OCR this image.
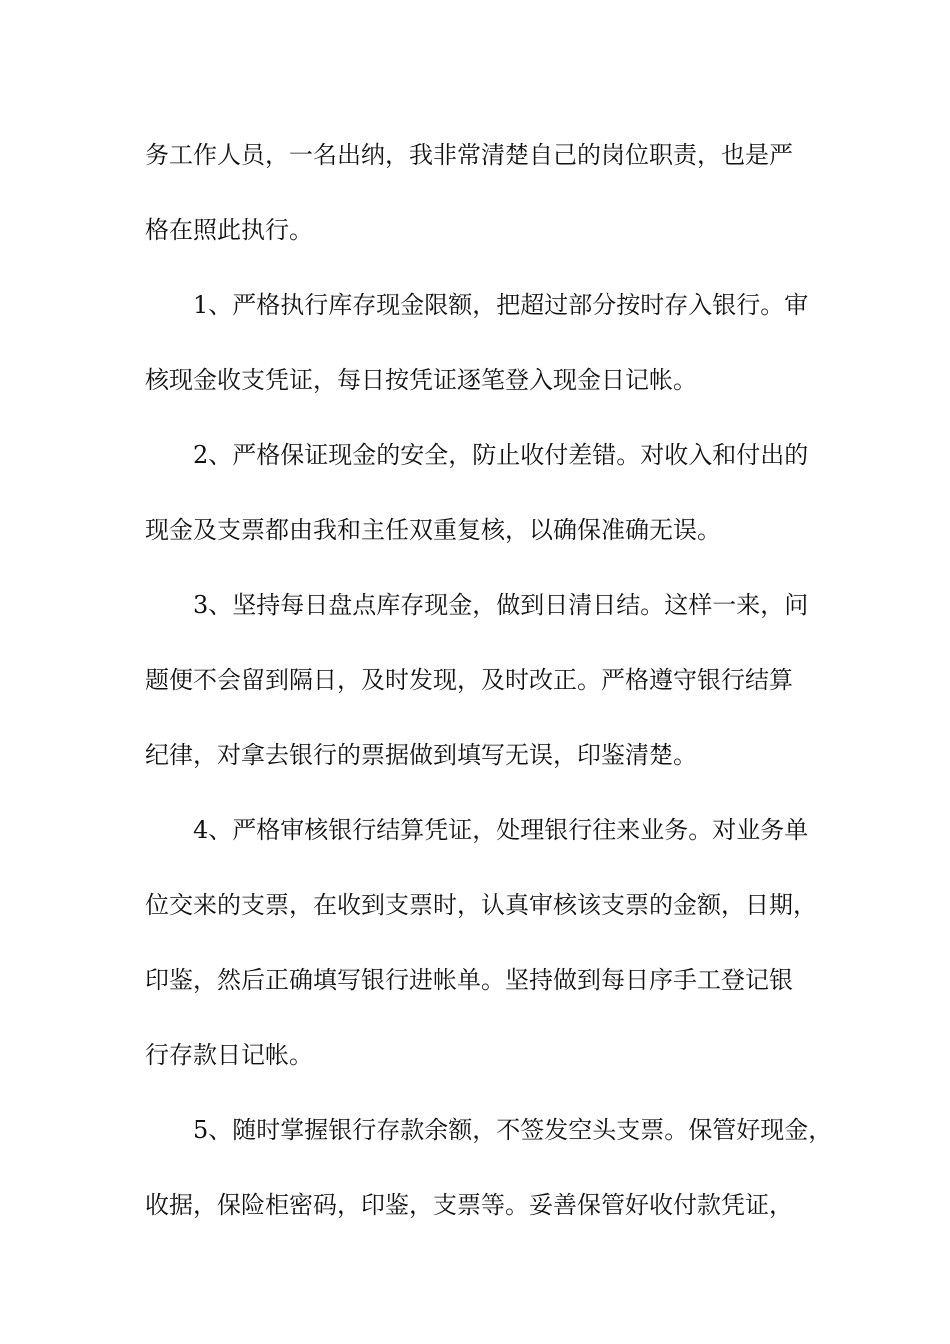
务工作人员，一名出纳，我非常清楚自己的岗位职责，也是严
格在照此执行。
1、严格执行库存现金限额，把超过部分按时存入银行。审
核现金收支凭证，每日按凭证逐笔登入现金日记帐。
2、严格保证现金的安全，防止收付差错。对收入和付出的
现金及支票都由我和主任双重复核，以确保准确无误。
3、坚持每日盘点库存现金，做到日清日结。这样一来，问
题便不会留到隔日，及时发现，及时改正。严格遵守银行结算
纪律，对拿去银行的票据做到填写无误，印鉴清楚。
4、严格审核银行结算凭证，处理银行往来业务。对业务单
位交来的支票，在收到支票时，认真审核该支票的金额，日期，
印鉴，然后正确填写银行进帐单。坚持做到每日序手工登记银
行存款日记帐。
5、随时掌握银行存款余额，不签发空头支票。保管好现金，
收据，保险柜密码，印鉴，支票等。妥善保管好收付款凭证，
